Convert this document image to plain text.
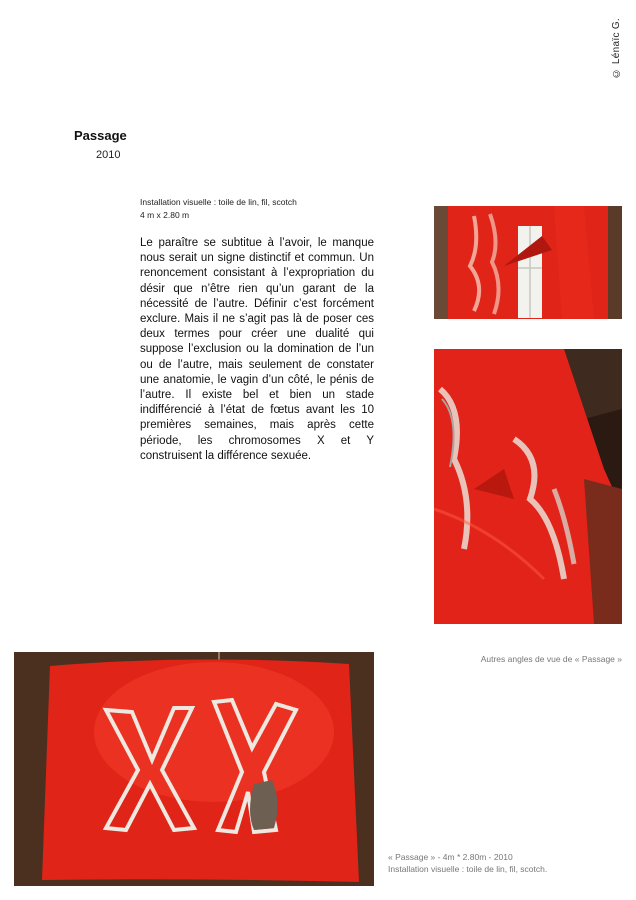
© Lénaïc G.
Passage
2010
Installation visuelle : toile de lin, fil, scotch
4 m x 2.80 m
Le paraître se subtitue à l’avoir, le manque nous serait un signe distinctif et commun. Un renoncement consistant à l’expropriation du désir que n’être rien qu’un garant de la nécessité de l’autre. Définir c’est forcément exclure. Mais il ne s’agit pas là de poser ces deux termes pour créer une dualité qui suppose l’exclusion ou la domination de l’un ou de l’autre, mais seulement de constater une anatomie, le vagin d’un côté, le pénis de l’autre. Il existe bel et bien un stade indifférencié à l’état de fœtus avant les 10 premières semaines, mais après cette période, les chromosomes X et Y construisent la différence sexuée.
Autres angles de vue de « Passage »
« Passage » - 4m * 2.80m - 2010
Installation visuelle : toile de lin, fil, scotch.
